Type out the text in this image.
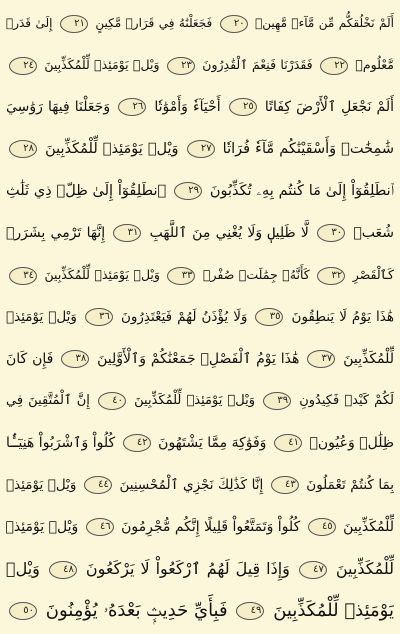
أَلَمْ نَخْلُقكُّم مِّن مَّآءٖ مَّهِينٖ ٢٠ فَجَعَلْنَٰهُ فِي قَرَارٖ مَّكِينٍ ٢١ إِلَىٰ قَدَرٖ
مَّعْلُومٖ ٢٢ فَقَدَرْنَا فَنِعْمَ ٱلْقَٰدِرُونَ ٢٣ وَيْلٞ يَوْمَئِذٖ لِّلْمُكَذِّبِينَ ٢٤
أَلَمْ نَجْعَلِ ٱلْأَرْضَ كِفَاتًا ٢٥ أَحْيَآءٗ وَأَمْوَٰتٗا ٢٦ وَجَعَلْنَا فِيهَا رَوَٰسِيَ
شَٰمِخَٰتٖ وَأَسْقَيْنَٰكُم مَّآءٗ فُرَاتٗا ٢٧ وَيْلٞ يَوْمَئِذٖ لِّلْمُكَذِّبِينَ ٢٨
ٱنطَلِقُوٓاْ إِلَىٰ مَا كُنتُم بِهِۦ تُكَذِّبُونَ ٢٩ ٱنطَلِقُوٓاْ إِلَىٰ ظِلّٖ ذِي ثَلَٰثِ
شُعَبٖ ٣٠ لَّا ظَلِيلٖ وَلَا يُغْنِي مِنَ ٱللَّهَبِ ٣١ إِنَّهَا تَرْمِي بِشَرَرٖ
كَٱلْقَصْرِ ٣٢ كَأَنَّهُۥ جِمَٰلَتٞ صُفْرٞ ٣٣ وَيْلٞ يَوْمَئِذٖ لِّلْمُكَذِّبِينَ ٣٤
هَٰذَا يَوْمُ لَا يَنطِقُونَ ٣٥ وَلَا يُؤْذَنُ لَهُمْ فَيَعْتَذِرُونَ ٣٦ وَيْلٞ يَوْمَئِذٖ
لِّلْمُكَذِّبِينَ ٣٧ هَٰذَا يَوْمُ ٱلْفَصْلِۖ جَمَعْنَٰكُمْ وَٱلْأَوَّلِينَ ٣٨ فَإِن كَانَ
لَكُمْ كَيْدٞ فَكِيدُونِ ٣٩ وَيْلٞ يَوْمَئِذٖ لِّلْمُكَذِّبِينَ ٤٠ إِنَّ ٱلْمُتَّقِينَ فِي
ظِلَٰلٖ وَعُيُونٖ ٤١ وَفَوَٰكِهَ مِمَّا يَشْتَهُونَ ٤٢ كُلُواْ وَٱشْرَبُواْ هَنِيٓـَٔۢا
بِمَا كُنتُمْ تَعْمَلُونَ ٤٣ إِنَّا كَذَٰلِكَ نَجْزِي ٱلْمُحْسِنِينَ ٤٤ وَيْلٞ يَوْمَئِذٖ
لِّلْمُكَذِّبِينَ ٤٥ كُلُواْ وَتَمَتَّعُواْ قَلِيلًا إِنَّكُم مُّجْرِمُونَ ٤٦ وَيْلٞ يَوْمَئِذٖ
لِّلْمُكَذِّبِينَ ٤٧ وَإِذَا قِيلَ لَهُمُ ٱرْكَعُواْ لَا يَرْكَعُونَ ٤٨ وَيْلٞ
يَوْمَئِذٖ لِّلْمُكَذِّبِينَ ٤٩ فَبِأَيِّ حَدِيثِۭ بَعْدَهُۥ يُؤْمِنُونَ ٥٠
